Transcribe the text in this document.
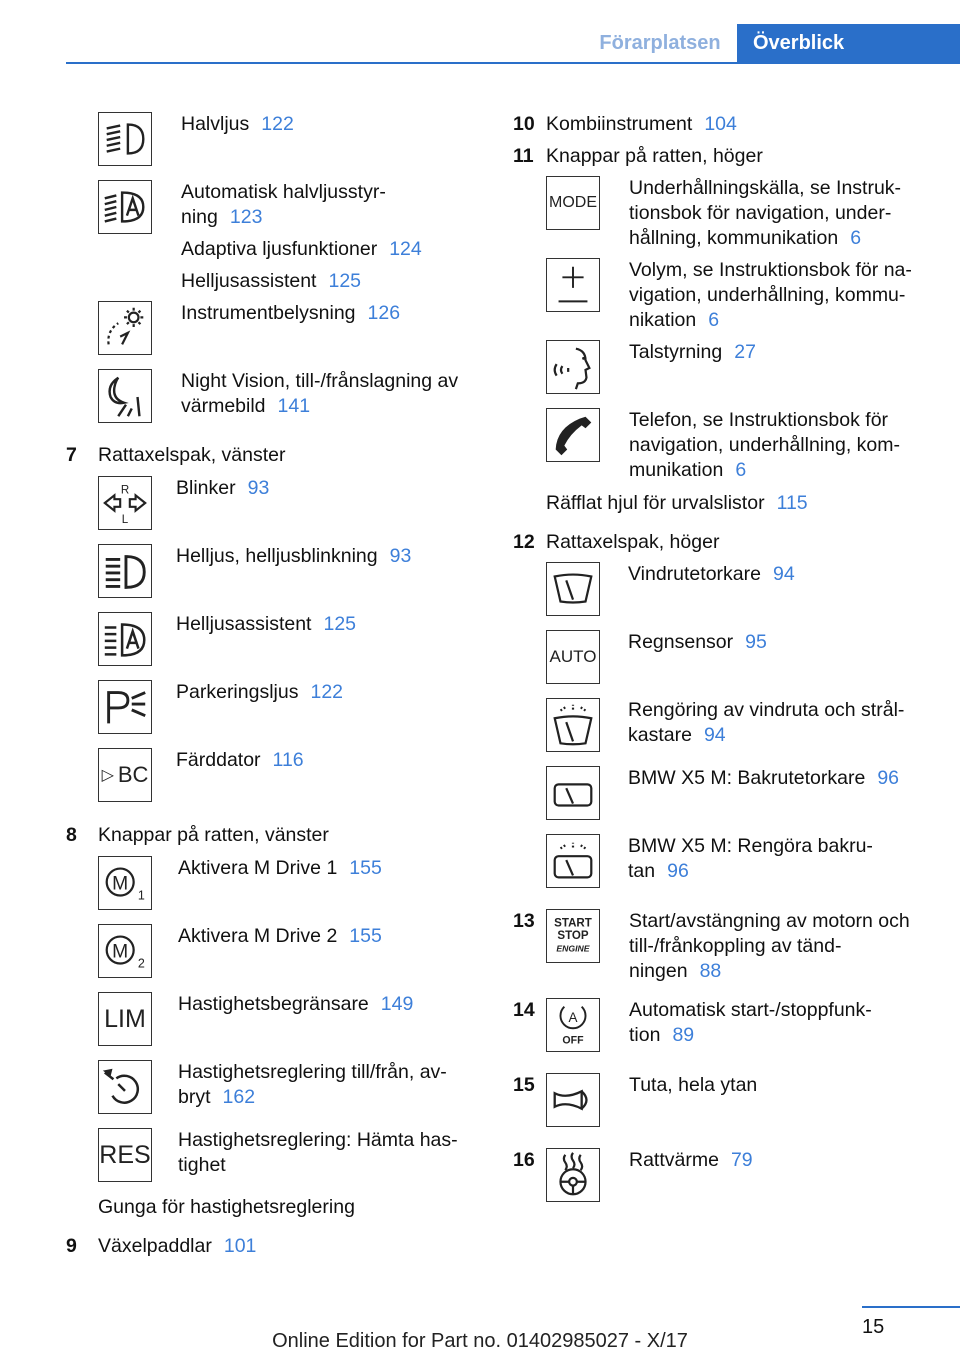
Förarplatsen	Överblick
Halvljus 122
Automatisk halvljusstyr-
ning 123
Adaptiva ljusfunktioner 124
Helljusassistent 125
Instrumentbelysning 126
Night Vision, till-/frånslagning av
värmebild 141
7 Rattaxelspak, vänster
R
L
Blinker 93
Helljus, helljusblinkning 93
Helljusassistent 125
Parkeringsljus 122
▷ BC
Färddator 116
8 Knappar på ratten, vänster
M
1
Aktivera M Drive 1 155
M
2
Aktivera M Drive 2 155
LIM
Hastighetsbegränsare 149
Hastighetsreglering till/från, av-
bryt 162
RES
Hastighetsreglering: Hämta has-
tighet
Gunga för hastighetsreglering
9 Växelpaddlar 101
10 Kombiinstrument 104
11 Knappar på ratten, höger
MODE
Underhållningskälla, se Instruk-
tionsbok för navigation, under-
hållning, kommunikation 6
Volym, se Instruktionsbok för na-
vigation, underhållning, kommu-
nikation 6
Talstyrning 27
Telefon, se Instruktionsbok för
navigation, underhållning, kom-
munikation 6
Räfflat hjul för urvalslistor 115
12 Rattaxelspak, höger
Vindrutetorkare 94
AUTO
Regnsensor 95
Rengöring av vindruta och strål-
kastare 94
BMW X5 M: Bakrutetorkare 96
BMW X5 M: Rengöra bakru-
tan 96
13 START
STOP
ENGINE
Start/avstängning av motorn och
till-/frånkoppling av tänd-
ningen 88
14 A
OFF
Automatisk start-/stoppfunk-
tion 89
15	Tuta, hela ytan
16	Rattvärme 79
15
Online Edition for Part no. 01402985027 - X/17
